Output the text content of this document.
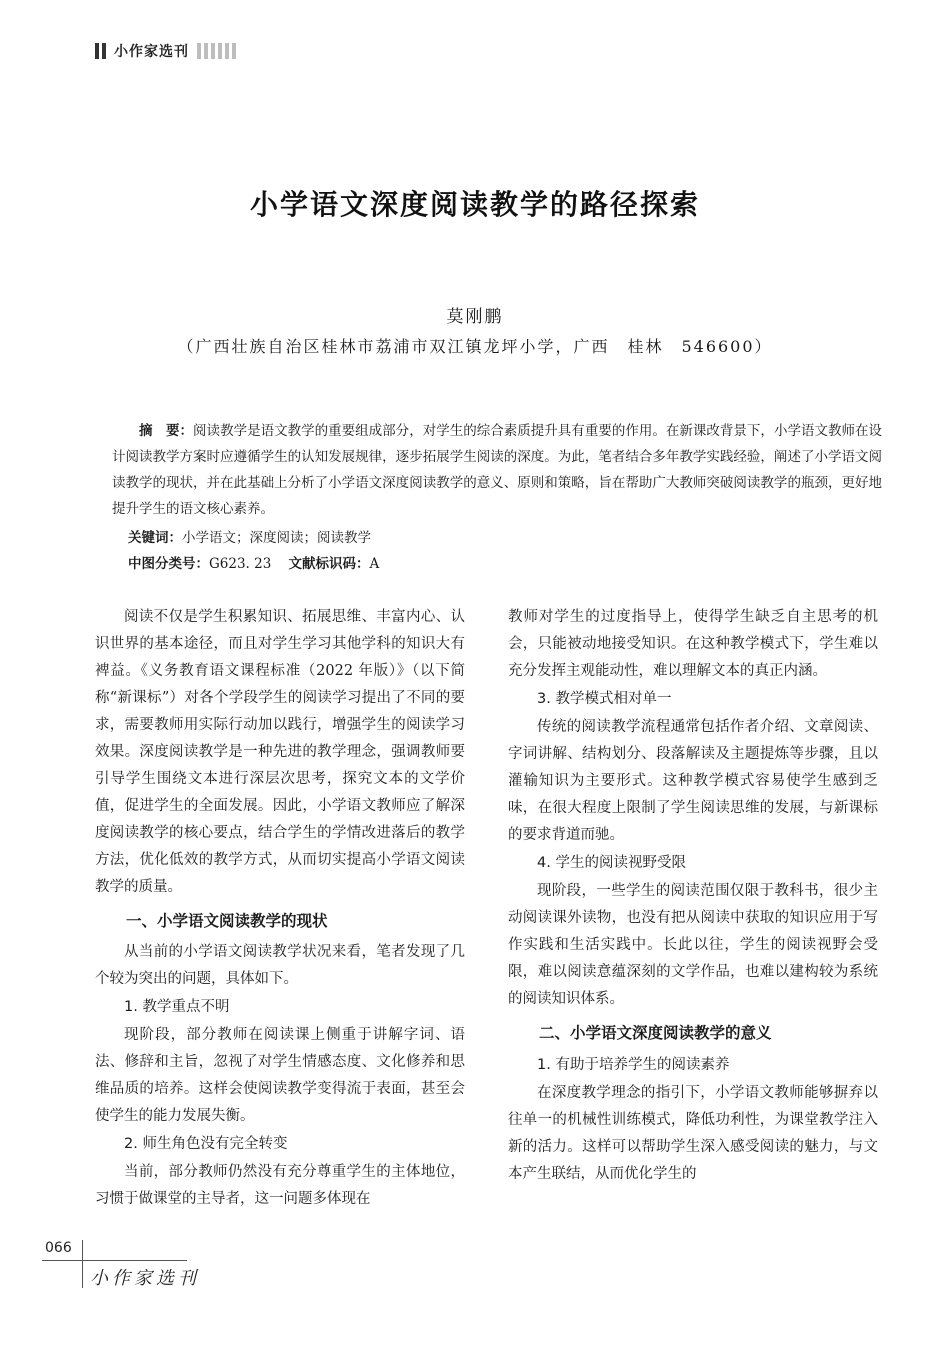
小作家选刊
小学语文深度阅读教学的路径探索
莫刚鹏
（广西壮族自治区桂林市荔浦市双江镇龙坪小学，广西　桂林　546600）
摘　要：阅读教学是语文教学的重要组成部分，对学生的综合素质提升具有重要的作用。在新课改背景下，小学语文教师在设计阅读教学方案时应遵循学生的认知发展规律，逐步拓展学生阅读的深度。为此，笔者结合多年教学实践经验，阐述了小学语文阅读教学的现状，并在此基础上分析了小学语文深度阅读教学的意义、原则和策略，旨在帮助广大教师突破阅读教学的瓶颈，更好地提升学生的语文核心素养。
关键词：小学语文；深度阅读；阅读教学
中图分类号：G623. 23 文献标识码：A

阅读不仅是学生积累知识、拓展思维、丰富内心、认识世界的基本途径，而且对学生学习其他学科的知识大有裨益。《义务教育语文课程标准（2022 年版）》（以下简称“新课标”）对各个学段学生的阅读学习提出了不同的要求，需要教师用实际行动加以践行，增强学生的阅读学习效果。深度阅读教学是一种先进的教学理念，强调教师要引导学生围绕文本进行深层次思考，探究文本的文学价值，促进学生的全面发展。因此，小学语文教师应了解深度阅读教学的核心要点，结合学生的学情改进落后的教学方法，优化低效的教学方式，从而切实提高小学语文阅读教学的质量。

一、小学语文阅读教学的现状

从当前的小学语文阅读教学状况来看，笔者发现了几个较为突出的问题，具体如下。

1. 教学重点不明

现阶段，部分教师在阅读课上侧重于讲解字词、语法、修辞和主旨，忽视了对学生情感态度、文化修养和思维品质的培养。这样会使阅读教学变得流于表面，甚至会使学生的能力发展失衡。

2. 师生角色没有完全转变

当前，部分教师仍然没有充分尊重学生的主体地位，习惯于做课堂的主导者，这一问题多体现在

教师对学生的过度指导上，使得学生缺乏自主思考的机会，只能被动地接受知识。在这种教学模式下，学生难以充分发挥主观能动性，难以理解文本的真正内涵。

3. 教学模式相对单一

传统的阅读教学流程通常包括作者介绍、文章阅读、字词讲解、结构划分、段落解读及主题提炼等步骤，且以灌输知识为主要形式。这种教学模式容易使学生感到乏味，在很大程度上限制了学生阅读思维的发展，与新课标的要求背道而驰。

4. 学生的阅读视野受限

现阶段，一些学生的阅读范围仅限于教科书，很少主动阅读课外读物，也没有把从阅读中获取的知识应用于写作实践和生活实践中。长此以往，学生的阅读视野会受限，难以阅读意蕴深刻的文学作品，也难以建构较为系统的阅读知识体系。

二、小学语文深度阅读教学的意义
1. 有助于培养学生的阅读素养

在深度教学理念的指引下，小学语文教师能够摒弃以往单一的机械性训练模式，降低功利性，为课堂教学注入新的活力。这样可以帮助学生深入感受阅读的魅力，与文本产生联结，从而优化学生的

066
小作家选刊
